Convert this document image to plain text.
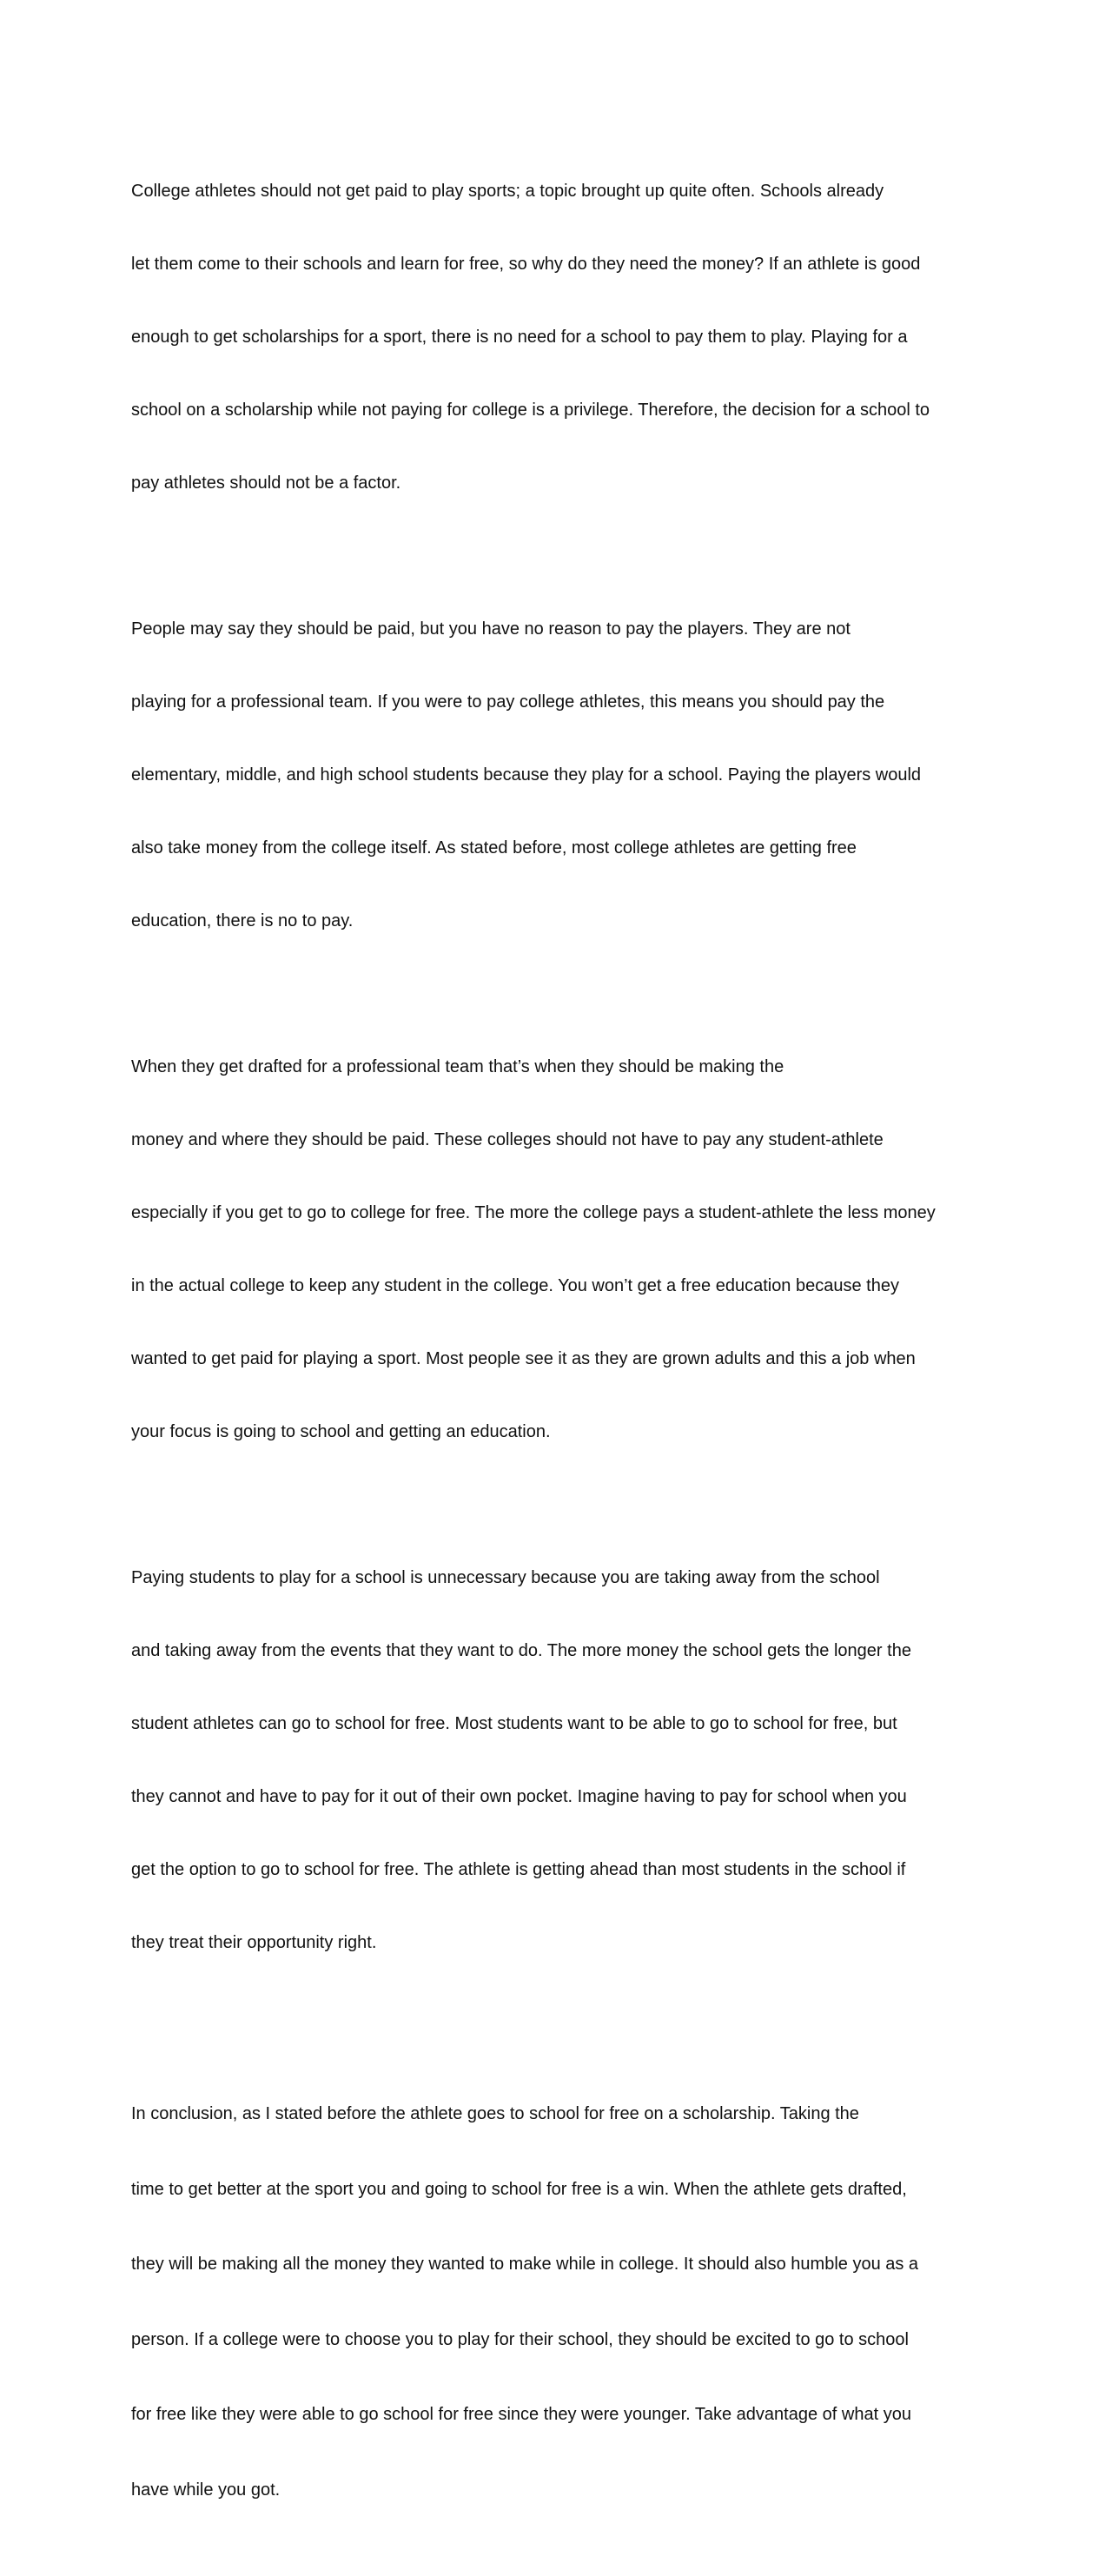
College athletes should not get paid to play sports; a topic brought up quite often. Schools already

let them come to their schools and learn for free, so why do they need the money? If an athlete is good

enough to get scholarships for a sport, there is no need for a school to pay them to play. Playing for a

school on a scholarship while not paying for college is a privilege. Therefore, the decision for a school to

pay athletes should not be a factor.

People may say they should be paid, but you have no reason to pay the players. They are not

playing for a professional team. If you were to pay college athletes, this means you should pay the

elementary, middle, and high school students because they play for a school. Paying the players would

also take money from the college itself. As stated before, most college athletes are getting free

education, there is no to pay.

When they get drafted for a professional team that’s when they should be making the

money and where they should be paid. These colleges should not have to pay any student-athlete

especially if you get to go to college for free. The more the college pays a student-athlete the less money

in the actual college to keep any student in the college. You won’t get a free education because they

wanted to get paid for playing a sport. Most people see it as they are grown adults and this a job when

your focus is going to school and getting an education.

Paying students to play for a school is unnecessary because you are taking away from the school

and taking away from the events that they want to do. The more money the school gets the longer the

student athletes can go to school for free. Most students want to be able to go to school for free, but

they cannot and have to pay for it out of their own pocket. Imagine having to pay for school when you

get the option to go to school for free. The athlete is getting ahead than most students in the school if

they treat their opportunity right.

In conclusion, as I stated before the athlete goes to school for free on a scholarship. Taking the

time to get better at the sport you and going to school for free is a win. When the athlete gets drafted,

they will be making all the money they wanted to make while in college. It should also humble you as a

person. If a college were to choose you to play for their school, they should be excited to go to school

for free like they were able to go school for free since they were younger. Take advantage of what you

have while you got.
